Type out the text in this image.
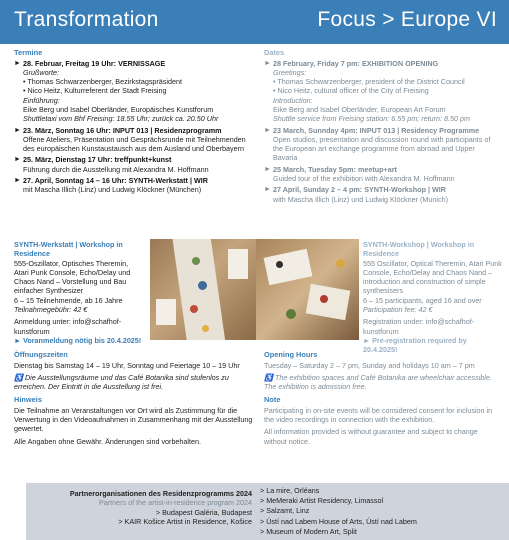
Transformation	Focus > Europe VI
Termine
► 28. Februar, Freitag 19 Uhr: VERNISSAGE
Grußworte:
• Thomas Schwarzenberger, Bezirkstagspräsident
• Nico Heitz, Kulturreferent der Stadt Freising
Einführung:
Eike Berg und Isabel Oberländer, Europäisches Kunstforum
Shuttletaxi vom Bhf Freising: 18.55 Uhr; zurück ca. 20.50 Uhr
► 23. März, Sonntag 16 Uhr: INPUT 013 | Residenzprogramm
Offene Ateliers, Präsentation und Gesprächsrunde mit Teilnehmenden des europäischen Kunstaustausch aus dem Ausland und Oberbayern
► 25. März, Dienstag 17 Uhr: treffpunkt+kunst
Führung durch die Ausstellung mit Alexandra M. Hoffmann
► 27. April, Sonntag 14 – 16 Uhr: SYNTH-Werkstatt | WIR
mit Mascha Illich (Linz) und Ludwig Klöckner (München)
Dates
► 28 February, Friday 7 pm: EXHIBITION OPENING
Greetings:
• Thomas Schwarzenberger, president of the District Council
• Nico Heitz, cultural officer of the City of Freising
Introduction:
Eike Berg and Isabel Oberländer, European Art Forum
Shuttle service from Freising station: 6.55 pm; return: 8.50 pm
► 23 March, Sunnday 4pm: INPUT 013 | Residency Programme
Open studios, presentation and discussion round with participants of the European art exchange programme from abroad and Upper Bavaria
► 25 March, Tuesday 5pm: meetup+art
Guided tour of the exhibition with Alexandra M. Hoffmann
► 27 April, Sunday 2 – 4 pm: SYNTH-Workshop | WIR
with Mascha Illich (Linz) und Ludwig Klöckner (Munich)
SYNTH-Werkstatt | Workshop in Residence
555-Oszillator, Optisches Theremin, Atari Punk Console, Echo/Delay und Chaos Nand – Vorstellung und Bau einfacher Synthesizer
6 – 15 Teilnehmende, ab 16 Jahre
Teilnahmegebühr: 42 €
Anmeldung unter: info@schafhof-kunstforum
► Voranmeldung nötig bis 20.4.2025!
SYNTH-Workshop | Workshop in Residence
555 Oscillator, Optical Theremin, Atari Punk Console, Echo/Delay and Chaos Nand – introduction and construction of simple synthesisers
6 – 15 participants, aged 16 and over
Participation fee: 42 €
Registration under: info@schafhof-kunstforum
► Pre-registration required by 20.4.2025!
Öffnungszeiten

Dienstag bis Samstag 14 – 19 Uhr, Sonntag und Feiertage 10 – 19 Uhr

♿ Die Ausstellungsräume und das Café Botanika sind stufenlos zu erreichen. Der Eintritt in die Ausstellung ist frei.

Hinweis

Die Teilnahme an Veranstaltungen vor Ort wird als Zustimmung für die Verwertung in den Videoaufnahmen in Zusammenhang mit der Ausstellung gewertet.

Alle Angaben ohne Gewähr. Änderungen sind vorbehalten.

Opening Hours

Tuesday – Saturday 2 – 7 pm, Sunday and holidays 10 am – 7 pm

♿ The exhibition spaces and Café Botanika are wheelchair accessible. The exhibition is admission free.

Note

Participating in on-site events will be considered consent for inclusion in the video recordings in connection with the exhibition.

All information provided is without guarantee and subject to change without notice.

Partnerorganisationen des Residenzprogramms 2024
Partners of the artist-in-residence program 2024
> Budapest Galéria, Budapest
> KAIR Košice Artist in Residence, Košice
> La mire, Orléans
> MeMeraki Artist Residency, Limassol
> Salzamt, Linz
> Ústí nad Labem House of Arts, Ústí nad Labem
> Museum of Modern Art, Split
